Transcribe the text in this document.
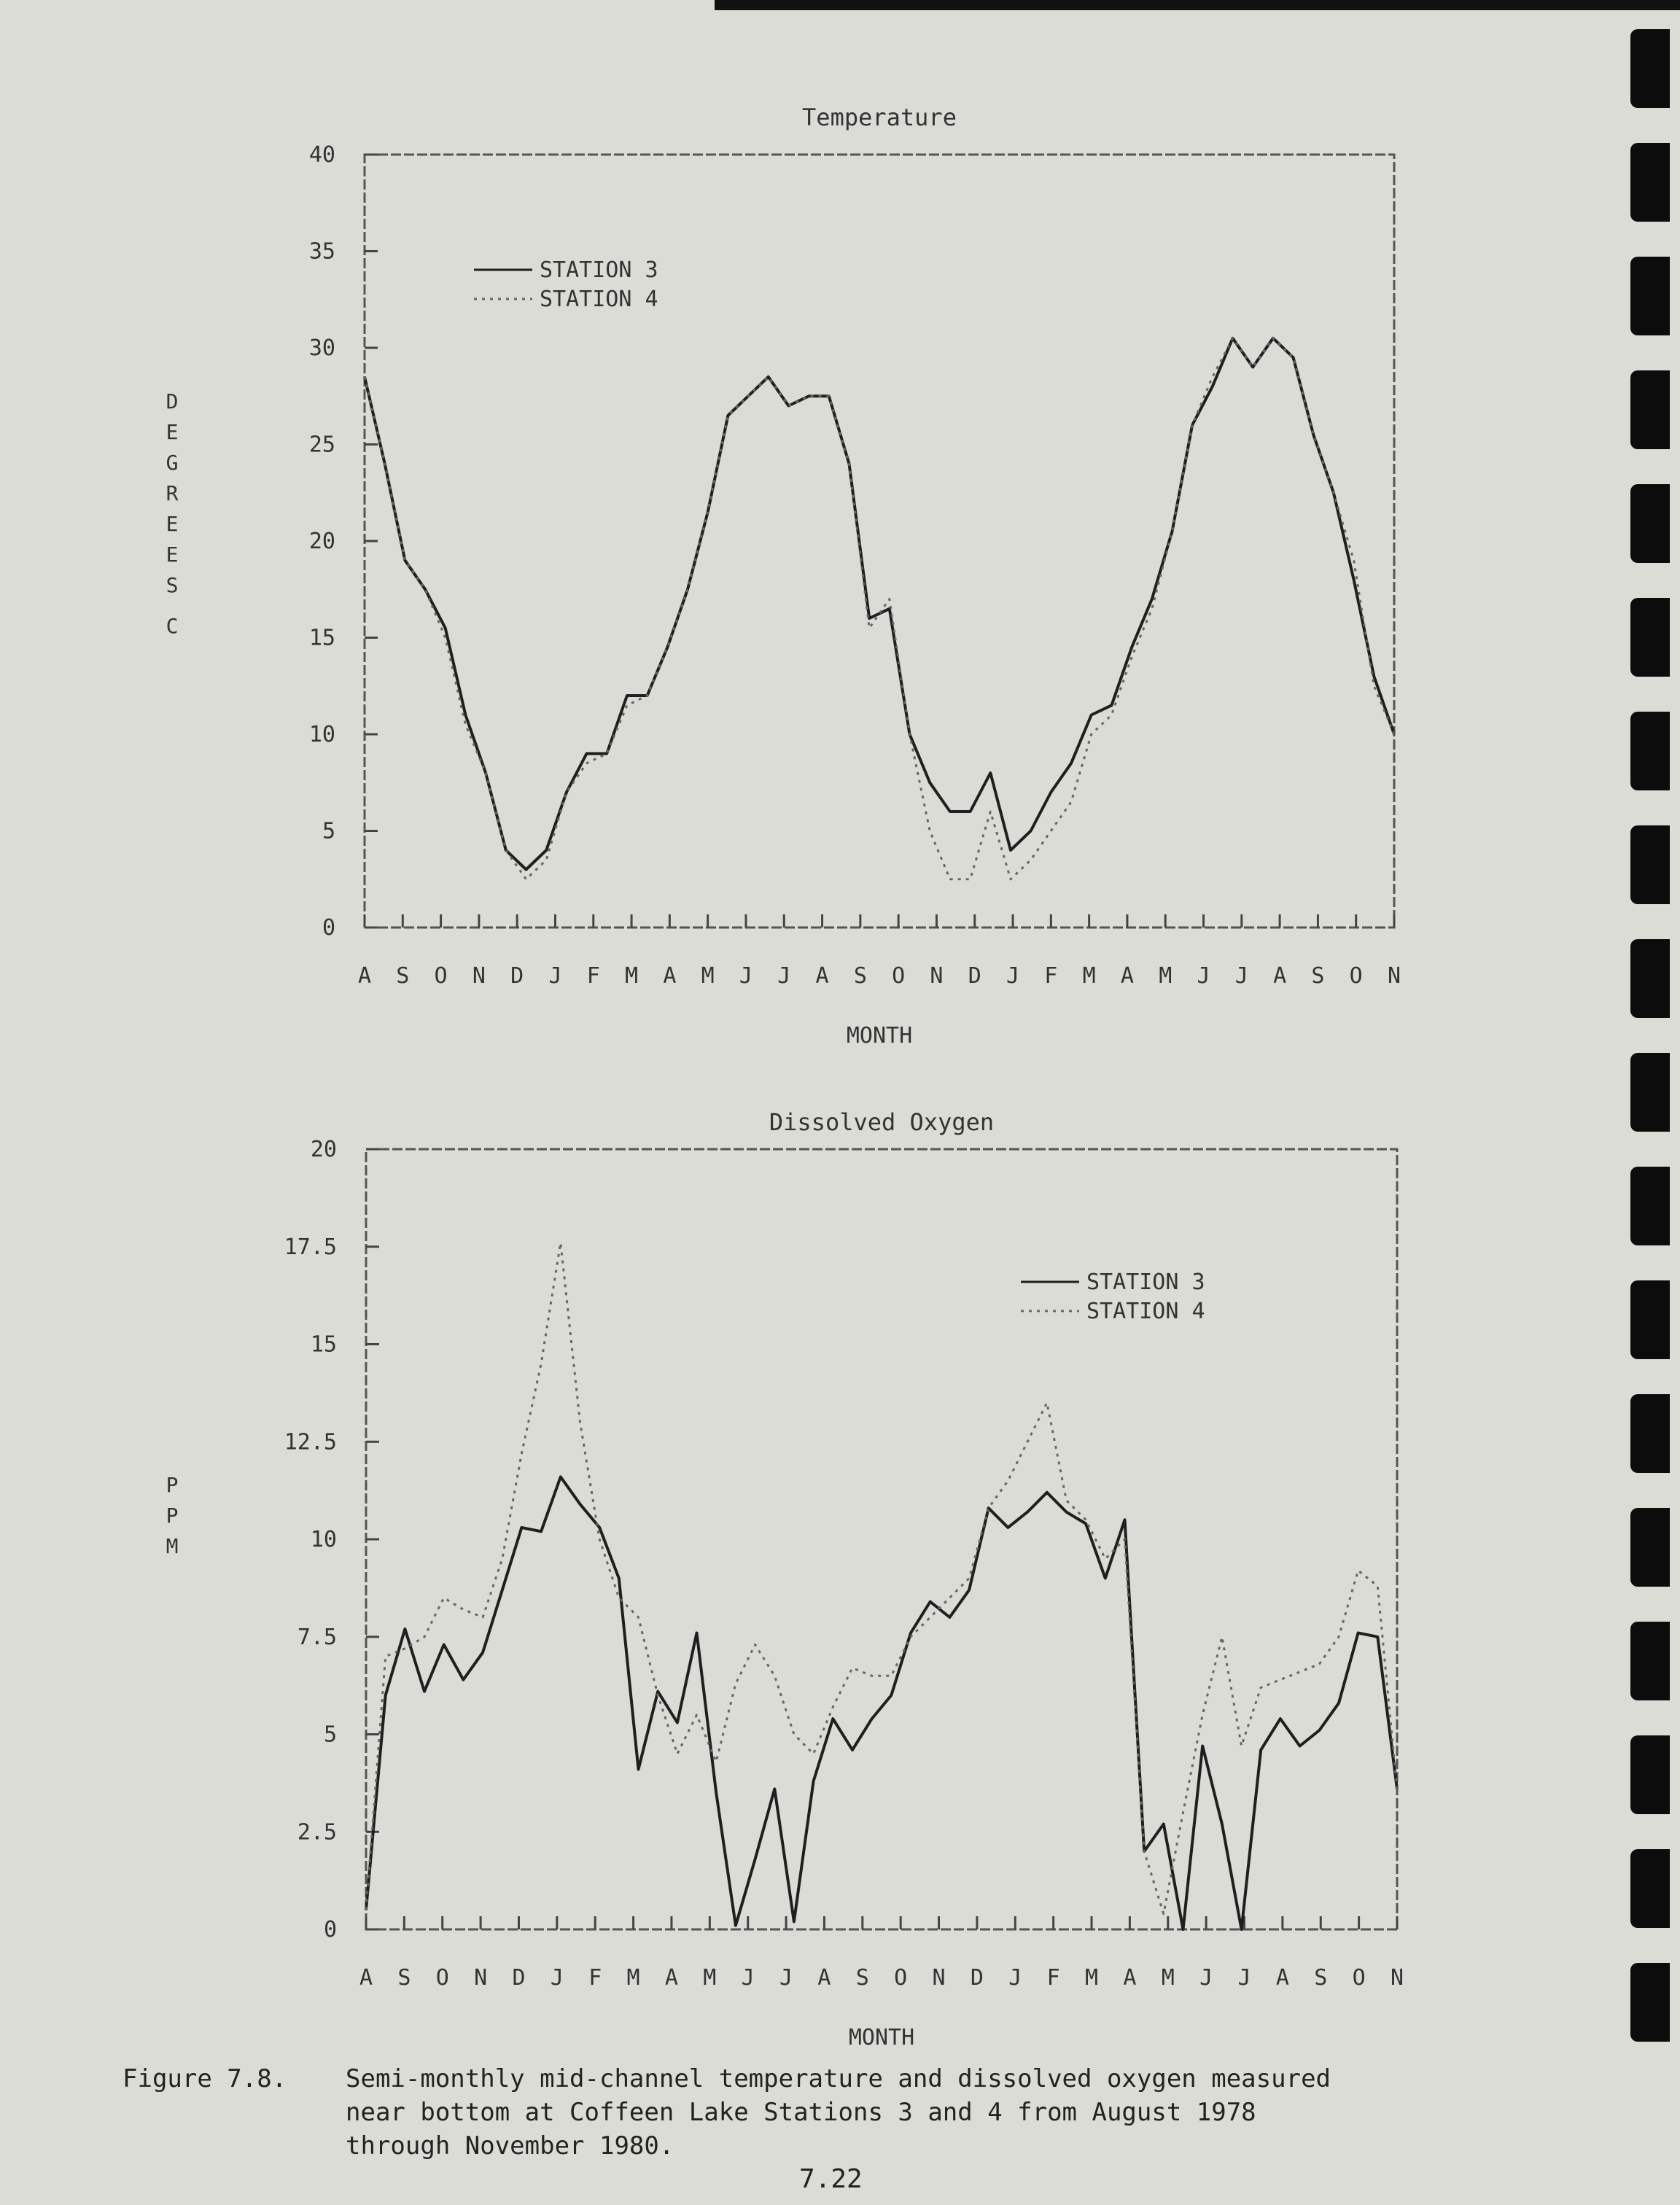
Temperature
0
5
10
15
20
25
30
35
40
D
E
G
R
E
E
S
C
A S O N D J F M A M J J A S O N D J F M A M J J A S O N
MONTH
STATION 3
STATION 4
Dissolved Oxygen
0
2.5
5
7.5
10
12.5
15
17.5
20
P
P
M
A S O N D J F M A M J J A S O N D J F M A M J J A S O N
MONTH
STATION 3
STATION 4
Figure 7.8. Semi-monthly mid-channel temperature and dissolved oxygen measured
near bottom at Coffeen Lake Stations 3 and 4 from August 1978
through November 1980.
7.22
